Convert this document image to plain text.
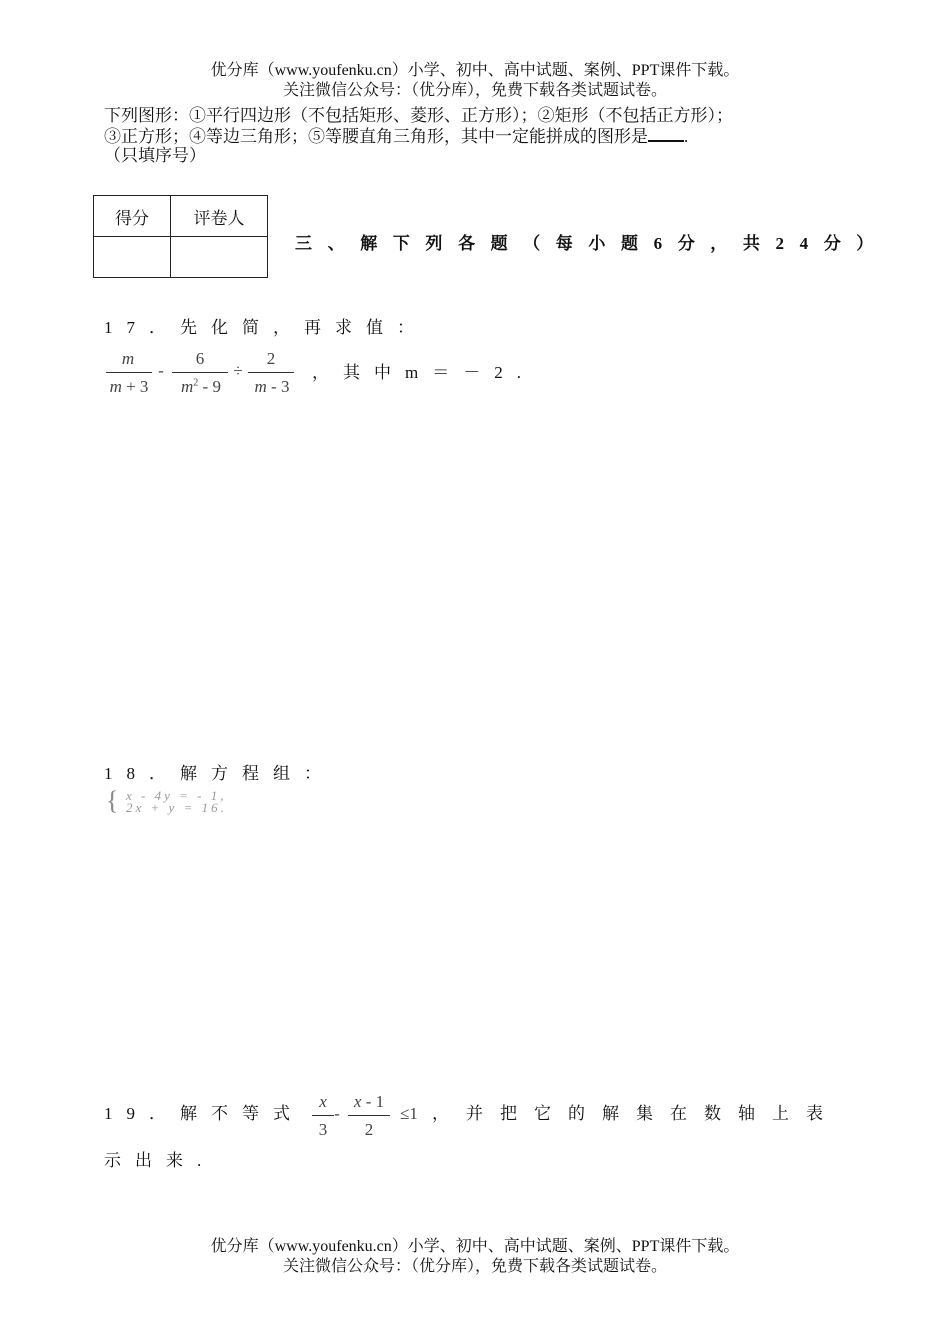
优分库（www.youfenku.cn）小学、初中、高中试题、案例、PPT课件下载。
关注微信公众号：（优分库），免费下载各类试题试卷。
下列图形：①平行四边形（不包括矩形、菱形、正方形）；②矩形（不包括正方形）；
③正方形；④等边三角形；⑤等腰直角三角形，其中一定能拼成的图形是 .
（只填序号）
得分	评卷人

三、解下列各题（每小题6分，共24分）
17．先化简，再求值：
m
m + 3
-
6
$m^2 - 9$
÷
2
m - 3
，其中m＝－2.
18．解方程组：
{ x - 4y = - 1,
2x + y = 16.
19．解不等式
x
3
-
x - 1
2
≤1 ，并把它的解集在数轴上表
示出来.
优分库（www.youfenku.cn）小学、初中、高中试题、案例、PPT课件下载。
关注微信公众号：（优分库），免费下载各类试题试卷。
